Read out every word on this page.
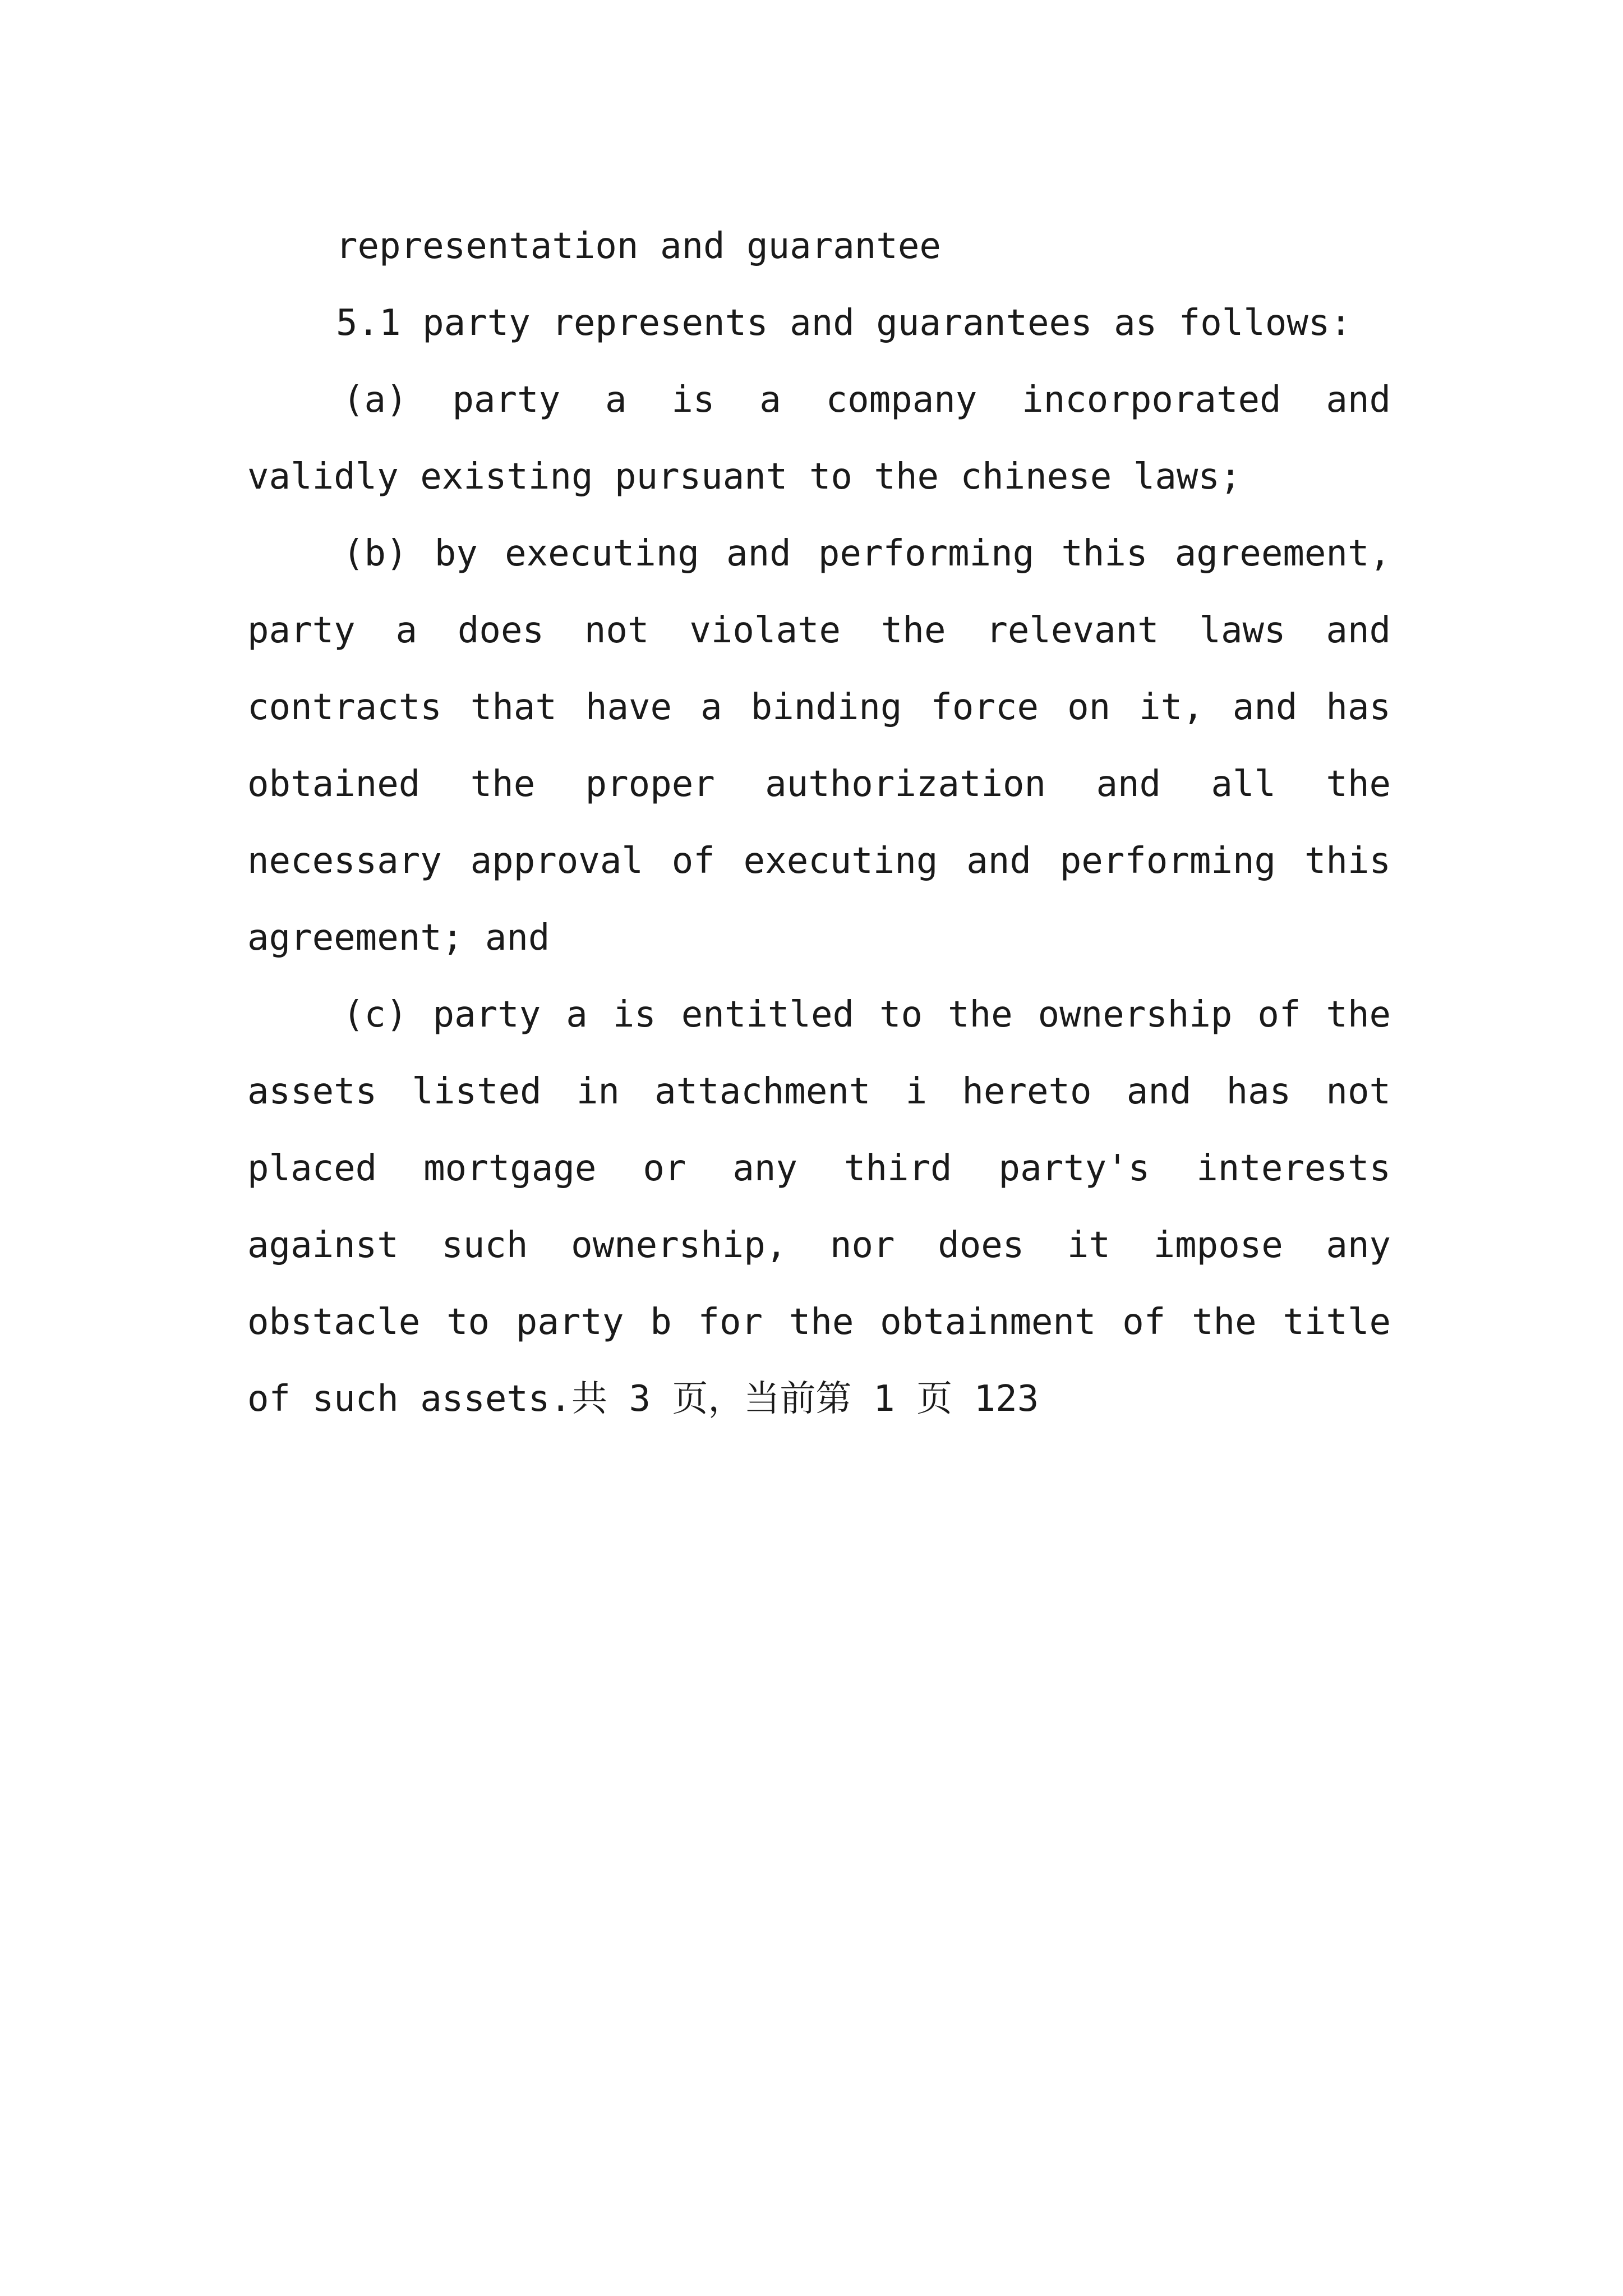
representation and guarantee

5.1 party represents and guarantees as follows:

(a) party a is a company incorporated and validly existing pursuant to the chinese laws;

(b) by executing and performing this agreement, party a does not violate the relevant laws and contracts that have a binding force on it, and has obtained the proper authorization and all the necessary approval of executing and performing this agreement; and

(c) party a is entitled to the ownership of the assets listed in attachment i hereto and has not placed mortgage or any third party's interests against such ownership, nor does it impose any obstacle to party b for the obtainment of the title of such assets.共 3 页，当前第 1 页 123
